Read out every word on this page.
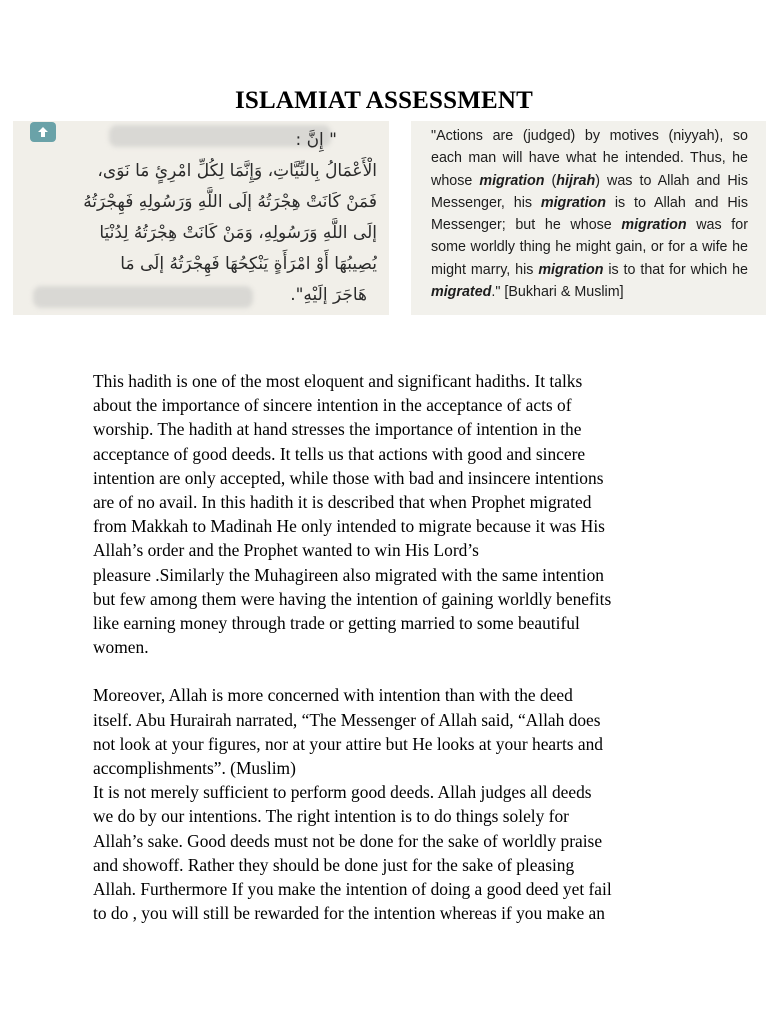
ISLAMIAT ASSESSMENT
" إِنَّ :
الْأَعْمَالُ بِالنِّيَّاتِ، وَإِنَّمَا لِكُلِّ امْرِئٍ مَا نَوَى،
فَمَنْ كَانَتْ هِجْرَتُهُ إلَى اللَّهِ وَرَسُولِهِ فَهِجْرَتُهُ
إلَى اللَّهِ وَرَسُولِهِ، وَمَنْ كَانَتْ هِجْرَتُهُ لِدُنْيَا
يُصِيبُهَا أَوْ امْرَأَةٍ يَنْكِحُهَا فَهِجْرَتُهُ إلَى مَا
هَاجَرَ إلَيْهِ".
"Actions are (judged) by motives (niyyah), so each man will have what he intended. Thus, he whose migration (hijrah) was to Allah and His Messenger, his migration is to Allah and His Messenger; but he whose migration was for some worldly thing he might gain, or for a wife he might marry, his migration is to that for which he migrated." [Bukhari & Muslim]

This hadith is one of the most eloquent and significant hadiths. It talks

about the importance of sincere intention in the acceptance of acts of

worship. The hadith at hand stresses the importance of intention in the

acceptance of good deeds. It tells us that actions with good and sincere

intention are only accepted, while those with bad and insincere intentions

are of no avail. In this hadith it is described that when Prophet migrated

from Makkah to Madinah He only intended to migrate because it was His

Allah’s order and the Prophet wanted to win His Lord’s

pleasure .Similarly the Muhagireen also migrated with the same intention

but few among them were having the intention of gaining worldly benefits

like earning money through trade or getting married to some beautiful

women.

Moreover, Allah is more concerned with intention than with the deed

itself. Abu Hurairah narrated, “The Messenger of Allah said, “Allah does

not look at your figures, nor at your attire but He looks at your hearts and

accomplishments”. (Muslim)

It is not merely sufficient to perform good deeds. Allah judges all deeds

we do by our intentions. The right intention is to do things solely for

Allah’s sake. Good deeds must not be done for the sake of worldly praise

and showoff. Rather they should be done just for the sake of pleasing

Allah. Furthermore If you make the intention of doing a good deed yet fail

to do , you will still be rewarded for the intention whereas if you make an
